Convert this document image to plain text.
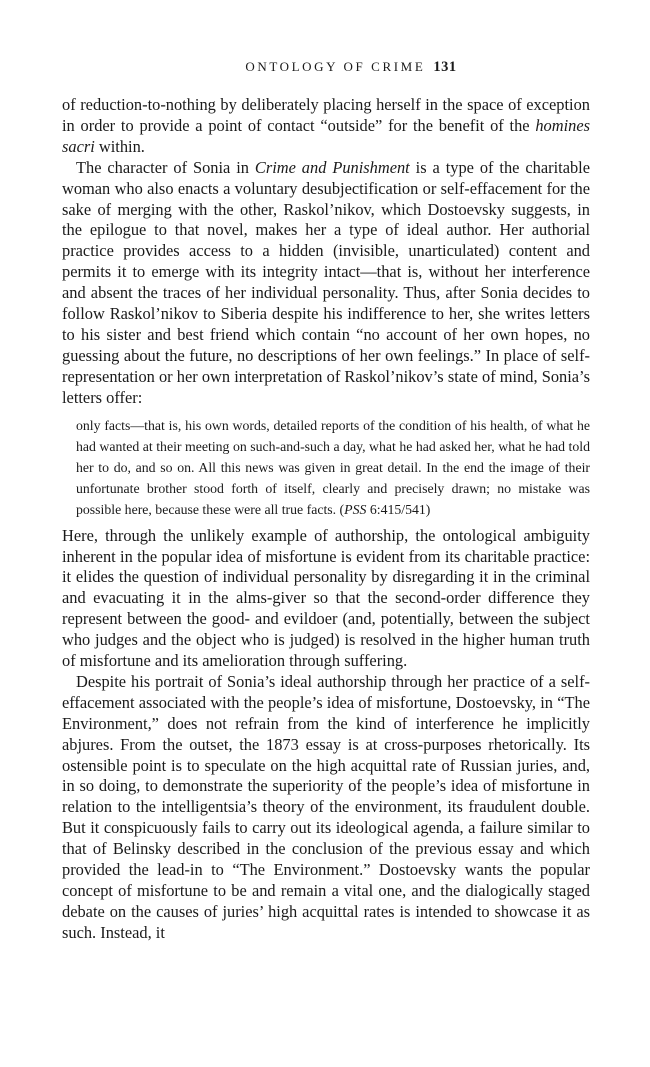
ONTOLOGY OF CRIME 131

of reduction-to-nothing by deliberately placing herself in the space of exception in order to provide a point of contact “outside” for the benefit of the homines sacri within.

The character of Sonia in Crime and Punishment is a type of the charitable woman who also enacts a voluntary desubjectification or self-effacement for the sake of merging with the other, Raskol’nikov, which Dostoevsky suggests, in the epilogue to that novel, makes her a type of ideal author. Her authorial practice provides access to a hidden (invisible, unarticulated) content and permits it to emerge with its integrity intact—that is, without her interference and absent the traces of her individual personality. Thus, after Sonia decides to follow Raskol’nikov to Siberia despite his indifference to her, she writes letters to his sister and best friend which contain “no account of her own hopes, no guessing about the future, no descriptions of her own feelings.” In place of self-representation or her own interpretation of Raskol’nikov’s state of mind, Sonia’s letters offer:

only facts—that is, his own words, detailed reports of the condition of his health, of what he had wanted at their meeting on such-and-such a day, what he had asked her, what he had told her to do, and so on. All this news was given in great detail. In the end the image of their unfortunate brother stood forth of itself, clearly and precisely drawn; no mistake was possible here, because these were all true facts. (PSS 6:415/541)

Here, through the unlikely example of authorship, the ontological ambiguity inherent in the popular idea of misfortune is evident from its charitable practice: it elides the question of individual personality by disregarding it in the criminal and evacuating it in the alms-giver so that the second-order difference they represent between the good- and evildoer (and, potentially, between the subject who judges and the object who is judged) is resolved in the higher human truth of misfortune and its amelioration through suffering.

Despite his portrait of Sonia’s ideal authorship through her practice of a self-effacement associated with the people’s idea of misfortune, Dostoevsky, in “The Environment,” does not refrain from the kind of interference he implicitly abjures. From the outset, the 1873 essay is at cross-purposes rhetorically. Its ostensible point is to speculate on the high acquittal rate of Russian juries, and, in so doing, to demonstrate the superiority of the people’s idea of misfortune in relation to the intelligentsia’s theory of the environment, its fraudulent double. But it conspicuously fails to carry out its ideological agenda, a failure similar to that of Belinsky described in the conclusion of the previous essay and which provided the lead-in to “The Environment.” Dostoevsky wants the popular concept of misfortune to be and remain a vital one, and the dialogically staged debate on the causes of juries’ high acquittal rates is intended to showcase it as such. Instead, it
